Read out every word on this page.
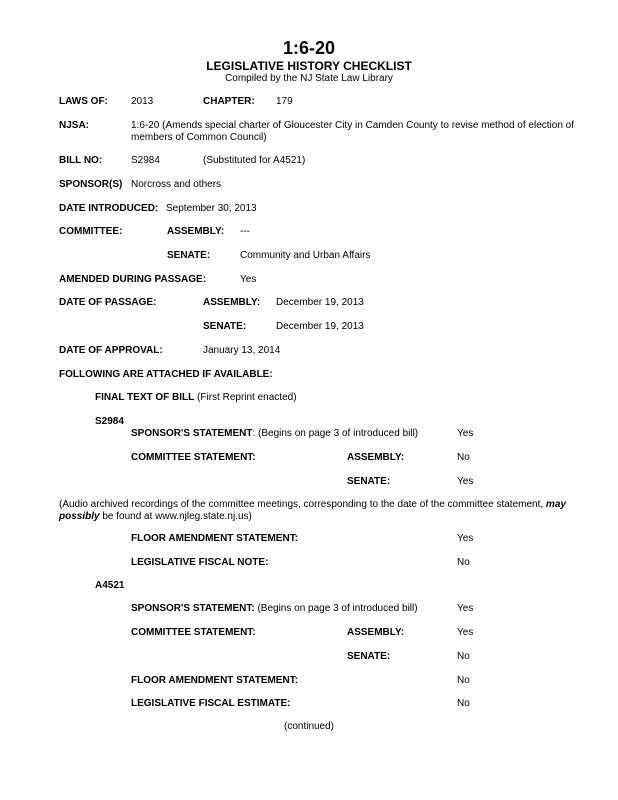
1:6-20
LEGISLATIVE HISTORY CHECKLIST
Compiled by the NJ State Law Library
LAWS OF: 2013	CHAPTER: 179
NJSA:	1:6-20 (Amends special charter of Gloucester City in Camden County to revise method of election of members of Common Council)
BILL NO:	S2984	(Substituted for A4521)
SPONSOR(S) Norcross and others
DATE INTRODUCED: September 30, 2013
COMMITTEE:	ASSEMBLY: ---
SENATE:	Community and Urban Affairs
AMENDED DURING PASSAGE:	Yes
DATE OF PASSAGE:	ASSEMBLY: December 19, 2013
SENATE:	December 19, 2013
DATE OF APPROVAL:	January 13, 2014
FOLLOWING ARE ATTACHED IF AVAILABLE:
FINAL TEXT OF BILL (First Reprint enacted)
S2984
SPONSOR'S STATEMENT: (Begins on page 3 of introduced bill)	Yes
COMMITTEE STATEMENT:	ASSEMBLY:	No
SENATE:	Yes
(Audio archived recordings of the committee meetings, corresponding to the date of the committee statement, may possibly be found at www.njleg.state.nj.us)
FLOOR AMENDMENT STATEMENT:	Yes
LEGISLATIVE FISCAL NOTE:	No
A4521
SPONSOR'S STATEMENT: (Begins on page 3 of introduced bill)	Yes
COMMITTEE STATEMENT:	ASSEMBLY:	Yes
SENATE:	No
FLOOR AMENDMENT STATEMENT:	No
LEGISLATIVE FISCAL ESTIMATE:	No
(continued)
